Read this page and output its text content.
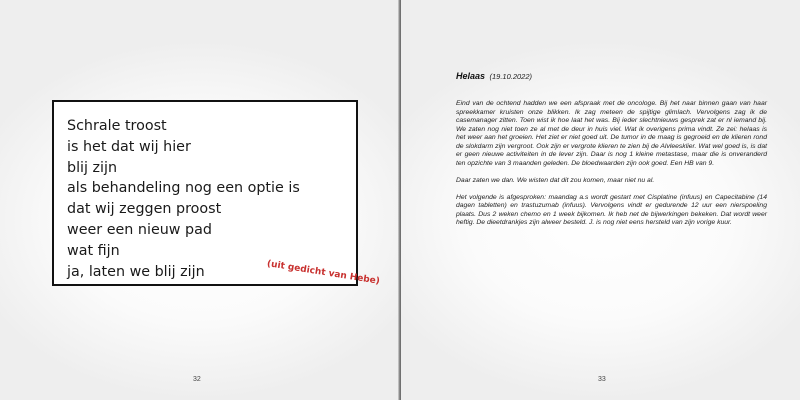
Schrale troost
is het dat wij hier
blij zijn
als behandeling nog een optie is
dat wij zeggen proost
weer een nieuw pad
wat fijn
ja, laten we blij zijn	(uit gedicht van Hebe)
32
Helaas (19.10.2022)
Eind van de ochtend hadden we een afspraak met de oncologe. Bij het naar binnen gaan van haar spreekkamer kruisten onze blikken. Ik zag meteen de spijtige glimlach. Vervolgens zag ik de casemanager zitten. Toen wist ik hoe laat het was. Bij ieder slechtnieuws gesprek zat er nl iemand bij. We zaten nog niet toen ze al met de deur in huis viel. Wat ik overigens prima vindt. Ze zei: helaas is het weer aan het groeien. Het ziet er niet goed uit. De tumor in de maag is gegroeid en de klieren rond de slokdarm zijn vergroot. Ook zijn er vergrote klieren te zien bij de Alvleesklier. Wat wel goed is, is dat er geen nieuwe activiteiten in de lever zijn. Daar is nog 1 kleine metastase, maar die is onveranderd ten opzichte van 3 maanden geleden. De bloedwaarden zijn ook goed. Een HB van 9.
Daar zaten we dan. We wisten dat dit zou komen, maar niet nu al.
Het volgende is afgesproken: maandag a.s wordt gestart met Cisplatine (infuus) en Capecitabine (14 dagen tabletten) en trastuzumab (infuus). Vervolgens vindt er gedurende 12 uur een nierspoeling plaats. Dus 2 weken chemo en 1 week bijkomen. Ik heb net de bijwerkingen bekeken. Dat wordt weer heftig. De dieetdrankjes zijn alweer besteld. J. is nog niet eens hersteld van zijn vorige kuur.
33
